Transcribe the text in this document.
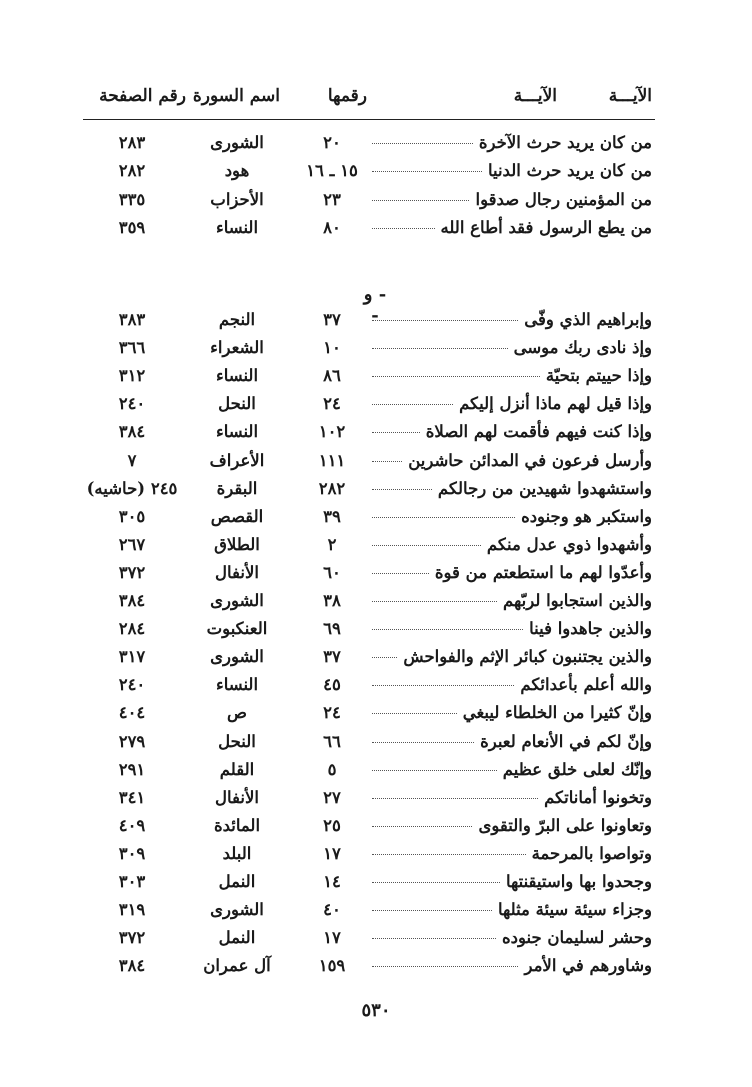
الآيـــة
الآيـــة
رقمها
اسم السورة
رقم الصفحة
من كان يريد حرث الآخرة
٢٠
الشورى
٢٨٣
من كان يريد حرث الدنيا
١٥ ـ ١٦
هود
٢٨٢
من المؤمنين رجال صدقوا
٢٣
الأحزاب
٣٣٥
من يطع الرسول فقد أطاع الله
٨٠
النساء
٣٥٩
وإبراهيم الذي وفّى
٣٧
النجم
٣٨٣
وإذ نادى ربك موسى
١٠
الشعراء
٣٦٦
وإذا حييتم بتحيّة
٨٦
النساء
٣١٢
وإذا قيل لهم ماذا أنزل إليكم
٢٤
النحل
٢٤٠
وإذا كنت فيهم فأقمت لهم الصلاة
١٠٢
النساء
٣٨٤
وأرسل فرعون في المدائن حاشرين
١١١
الأعراف
٧
واستشهدوا شهيدين من رجالكم
٢٨٢
البقرة
٢٤٥ (حاشيه)
واستكبر هو وجنوده
٣٩
القصص
٣٠٥
وأشهدوا ذوي عدل منكم
٢
الطلاق
٢٦٧
وأعدّوا لهم ما استطعتم من قوة
٦٠
الأنفال
٣٧٢
والذين استجابوا لربّهم
٣٨
الشورى
٣٨٤
والذين جاهدوا فينا
٦٩
العنكبوت
٢٨٤
والذين يجتنبون كبائر الإثم والفواحش
٣٧
الشورى
٣١٧
والله أعلم بأعدائكم
٤٥
النساء
٢٤٠
وإنّ كثيرا من الخلطاء ليبغي
٢٤
ص
٤٠٤
وإنّ لكم في الأنعام لعبرة
٦٦
النحل
٢٧٩
وإنّك لعلى خلق عظيم
٥
القلم
٢٩١
وتخونوا أماناتكم
٢٧
الأنفال
٣٤١
وتعاونوا على البرّ والتقوى
٢٥
المائدة
٤٠٩
وتواصوا بالمرحمة
١٧
البلد
٣٠٩
وجحدوا بها واستيقنتها
١٤
النمل
٣٠٣
وجزاء سيئة سيئة مثلها
٤٠
الشورى
٣١٩
وحشر لسليمان جنوده
١٧
النمل
٣٧٢
وشاورهم في الأمر
١٥٩
آل عمران
٣٨٤
- و -
٥٣٠
